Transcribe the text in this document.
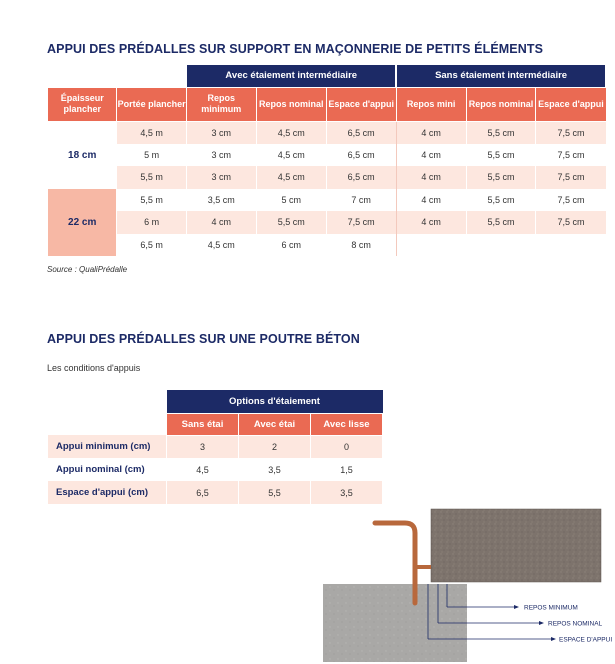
APPUI DES PRÉDALLES SUR SUPPORT EN MAÇONNERIE DE PETITS ÉLÉMENTS
		Avec étaiement intermédiaire			Sans étaiement intermédiaire		
Épaisseur plancher	Portée plancher	Repos minimum	Repos nominal	Espace d'appui	Repos mini	Repos nominal	Espace d'appui
18 cm	4,5 m	3 cm	4,5 cm	6,5 cm	4 cm	5,5 cm	7,5 cm
	5 m	3 cm	4,5 cm	6,5 cm	4 cm	5,5 cm	7,5 cm
	5,5 m	3 cm	4,5 cm	6,5 cm	4 cm	5,5 cm	7,5 cm
22 cm	5,5 m	3,5 cm	5 cm	7 cm	4 cm	5,5 cm	7,5 cm
	6 m	4 cm	5,5 cm	7,5 cm	4 cm	5,5 cm	7,5 cm
	6,5 m	4,5 cm	6 cm	8 cm			
Source : QualiPrédalle
APPUI DES PRÉDALLES SUR UNE POUTRE BÉTON
Les conditions d'appuis
	Options d'étaiement		
	Sans étai	Avec étai	Avec lisse
Appui minimum (cm)	3	2	0
Appui nominal (cm)	4,5	3,5	1,5
Espace d'appui (cm)	6,5	5,5	3,5
REPOS MINIMUM
REPOS NOMINAL
ESPACE D'APPUI
